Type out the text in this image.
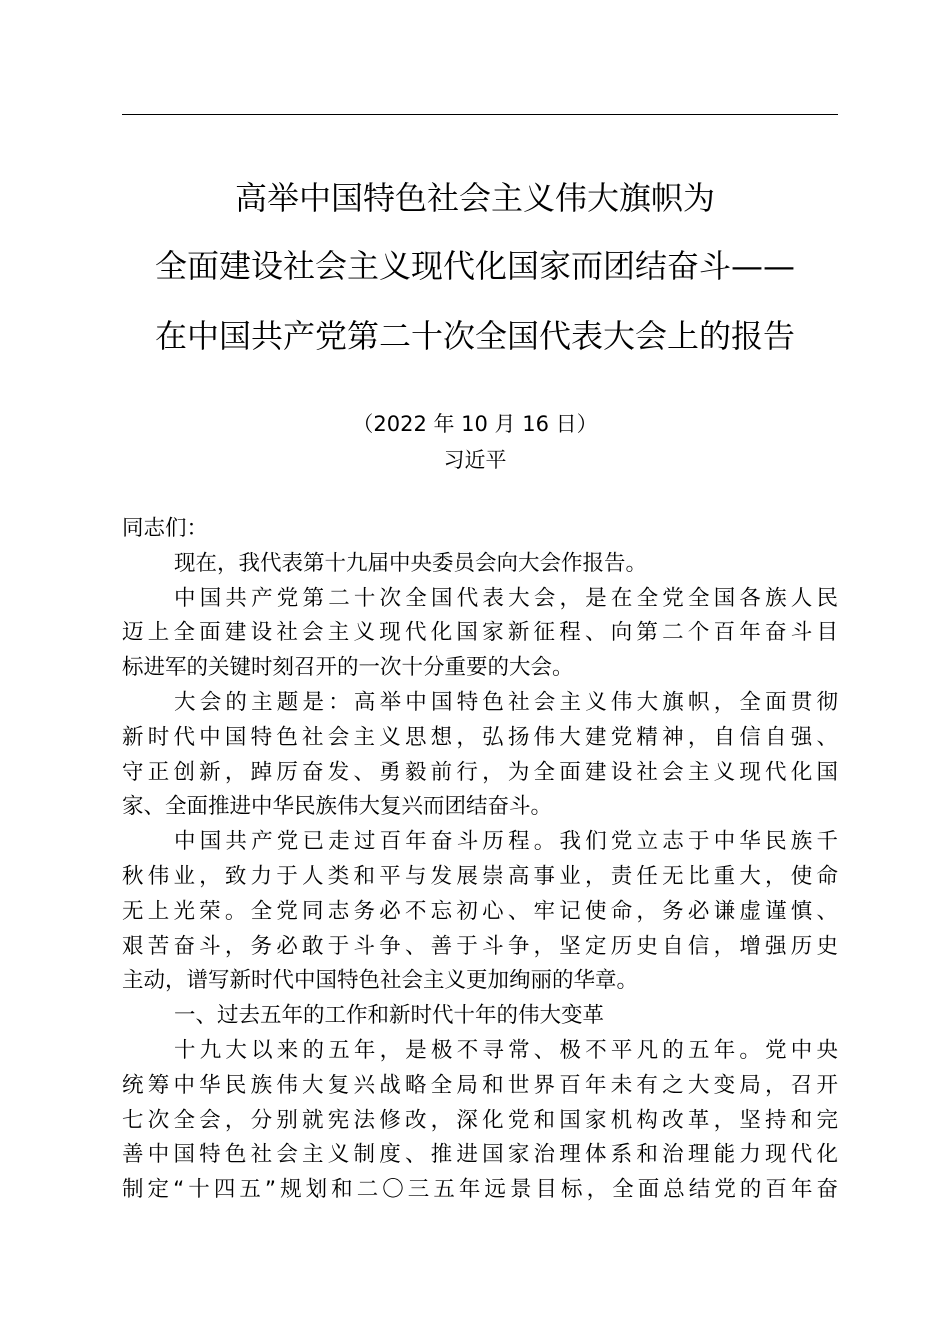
高举中国特色社会主义伟大旗帜为
全面建设社会主义现代化国家而团结奋斗——
在中国共产党第二十次全国代表大会上的报告
（2022 年 10 月 16 日）
习近平
同志们：
现在，我代表第十九届中央委员会向大会作报告。
中国共产党第二十次全国代表大会，是在全党全国各族人民
迈上全面建设社会主义现代化国家新征程、向第二个百年奋斗目
标进军的关键时刻召开的一次十分重要的大会。
大会的主题是：高举中国特色社会主义伟大旗帜，全面贯彻
新时代中国特色社会主义思想，弘扬伟大建党精神，自信自强、
守正创新，踔厉奋发、勇毅前行，为全面建设社会主义现代化国
家、全面推进中华民族伟大复兴而团结奋斗。
中国共产党已走过百年奋斗历程。我们党立志于中华民族千
秋伟业，致力于人类和平与发展崇高事业，责任无比重大，使命
无上光荣。全党同志务必不忘初心、牢记使命，务必谦虚谨慎、
艰苦奋斗，务必敢于斗争、善于斗争，坚定历史自信，增强历史
主动，谱写新时代中国特色社会主义更加绚丽的华章。
一、过去五年的工作和新时代十年的伟大变革
十九大以来的五年，是极不寻常、极不平凡的五年。党中央
统筹中华民族伟大复兴战略全局和世界百年未有之大变局，召开
七次全会，分别就宪法修改，深化党和国家机构改革，坚持和完
善中国特色社会主义制度、推进国家治理体系和治理能力现代化
制定“十四五”规划和二〇三五年远景目标，全面总结党的百年奋
